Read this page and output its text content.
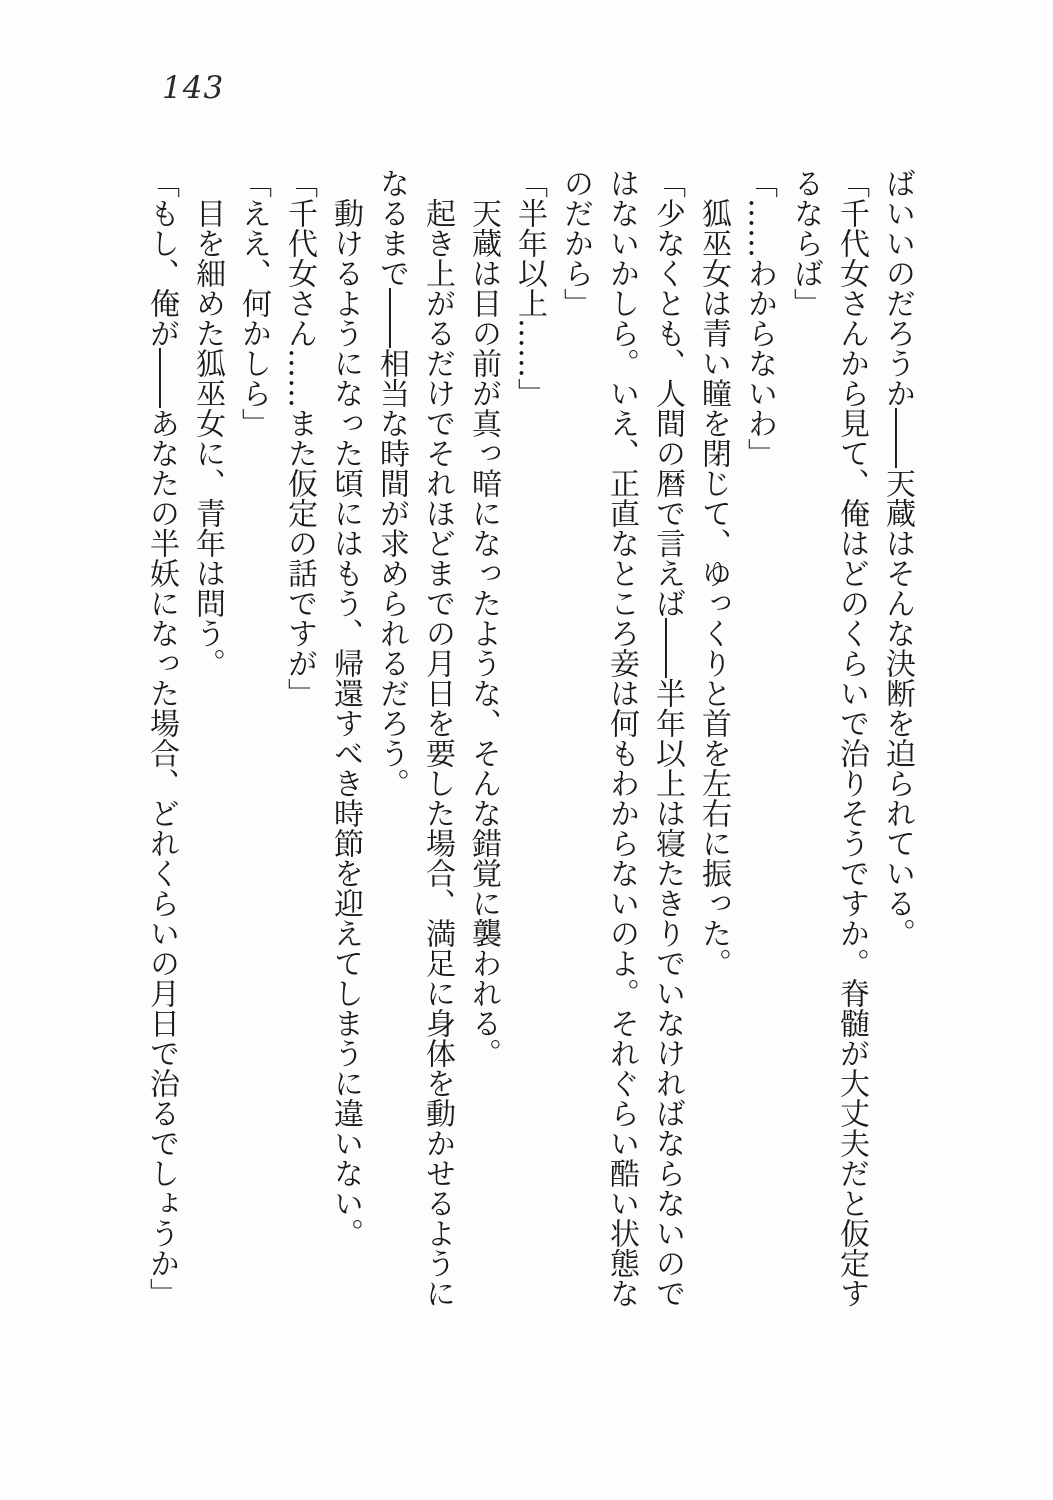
143

ばいいのだろうか――天蔵はそんな決断を迫られている。

「千代女さんから見て、俺はどのくらいで治りそうですか。脊髄が大丈夫だと仮定するならば」

「……わからないわ」

狐巫女は青い瞳を閉じて、ゆっくりと首を左右に振った。

「少なくとも、人間の暦で言えば――半年以上は寝たきりでいなければならないのではないかしら。いえ、正直なところ妾は何もわからないのよ。それぐらい酷い状態なのだから」

「半年以上……」

天蔵は目の前が真っ暗になったような、そんな錯覚に襲われる。

起き上がるだけでそれほどまでの月日を要した場合、満足に身体を動かせるようになるまで――相当な時間が求められるだろう。

動けるようになった頃にはもう、帰還すべき時節を迎えてしまうに違いない。

「千代女さん……また仮定の話ですが」

「ええ、何かしら」

目を細めた狐巫女に、青年は問う。

「もし、俺が――あなたの半妖になった場合、どれくらいの月日で治るでしょうか」
